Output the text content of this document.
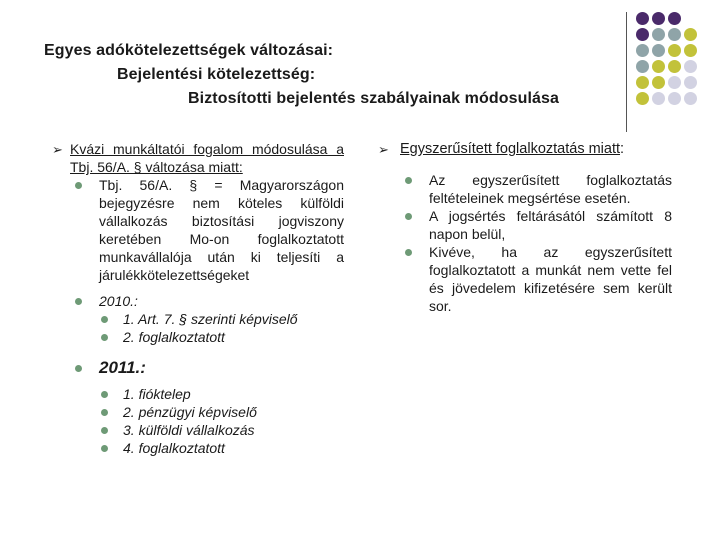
Egyes adókötelezettségek változásai:
Bejelentési kötelezettség:
Biztosítotti bejelentés szabályainak módosulása
➢ Kvázi munkáltatói fogalom módosulása a Tbj. 56/A. § változása miatt:
Tbj. 56/A. § = Magyarországon bejegyzésre nem köteles külföldi vállalkozás biztosítási jogviszony keretében Mo-on foglalkoztatott munkavállalója után ki teljesíti a járulékkötelezettségeket
2010.:
1. Art. 7. § szerinti képviselő
2. foglalkoztatott
2011.:
1. fióktelep
2. pénzügyi képviselő
3. külföldi vállalkozás
4. foglalkoztatott
➢ Egyszerűsített foglalkoztatás miatt:
Az egyszerűsített foglalkoztatás feltételeinek megsértése esetén.
A jogsértés feltárásától számított 8 napon belül,
Kivéve, ha az egyszerűsített foglalkoztatott a munkát nem vette fel és jövedelem kifizetésére sem került sor.
